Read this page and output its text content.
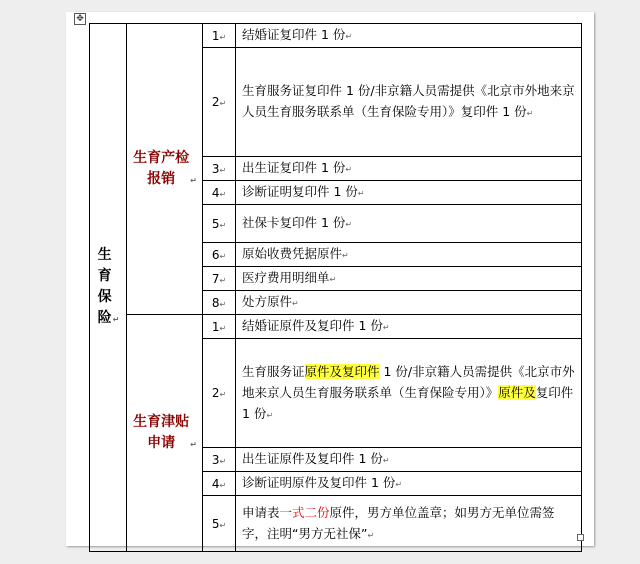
✥
生育保险↵	生育产检报销 ↵	1↵	结婚证复印件 1 份↵
		2↵	生育服务证复印件 1 份/非京籍人员需提供《北京市外地来京人员生育服务联系单（生育保险专用）》复印件 1 份↵
		3↵	出生证复印件 1 份↵
		4↵	诊断证明复印件 1 份↵
		5↵	社保卡复印件 1 份↵
		6↵	原始收费凭据原件↵
		7↵	医疗费用明细单↵
		8↵	处方原件↵
	生育津贴申请 ↵	1↵	结婚证原件及复印件 1 份↵
		2↵	生育服务证原件及复印件 1 份/非京籍人员需提供《北京市外地来京人员生育服务联系单（生育保险专用）》原件及复印件 1 份↵
		3↵	出生证原件及复印件 1 份↵
		4↵	诊断证明原件及复印件 1 份↵
		5↵	申请表一式二份原件，男方单位盖章；如男方无单位需签字，注明“男方无社保”↵
